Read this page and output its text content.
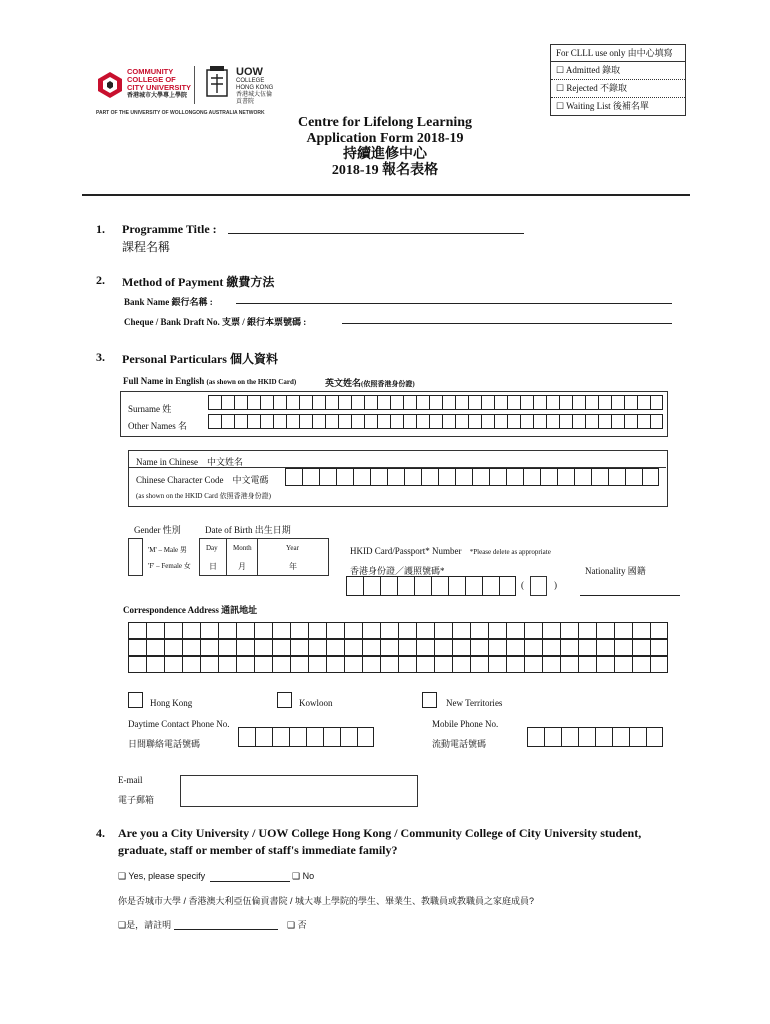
For CLLL use only 由中心填寫
☐ Admitted 錄取
☐ Rejected 不錄取
☐ Waiting List 後補名單
COMMUNITY
COLLEGE OF
CITY UNIVERSITY
香港城市大學專上學院
UOW
COLLEGE
HONG KONG
香港城大伍倫
貢書院
PART OF THE UNIVERSITY OF WOLLONGONG AUSTRALIA NETWORK
Centre for Lifelong Learning
Application Form 2018-19
持續進修中心
2018-19 報名表格
1. Programme Title :
課程名稱
2. Method of Payment 繳費方法
Bank Name 銀行名稱 :
Cheque / Bank Draft No. 支票 / 銀行本票號碼 :
3. Personal Particulars 個人資料
Full Name in English (as shown on the HKID Card)	英文姓名(依照香港身份證)
Surname 姓
Other Names 名
Name in Chinese    中文姓名
Chinese Character Code    中文電碼
(as shown on the HKID Card 依照香港身份證)
Gender 性別	Date of Birth 出生日期
'M' – Male 男
'F' – Female 女
Day Month	Year
日	月	年
HKID Card/Passport* Number *Please delete as appropriate
香港身份證／護照號碼*
(	)
Nationality 國籍
Correspondence Address 通訊地址
Hong Kong	Kowloon	New Territories
Daytime Contact Phone No.
日間聯絡電話號碼
Mobile Phone No.
流動電話號碼
E-mail
電子郵箱
4. Are you a City University / UOW College Hong Kong / Community College of City University student,
graduate, staff or member of staff's immediate family?
❑ Yes, please specify	❑ No
你是否城市大學 / 香港澳大利亞伍倫貢書院 / 城大專上學院的學生、畢業生、教職員或教職員之家庭成員?
❑是，請註明	❑ 否
